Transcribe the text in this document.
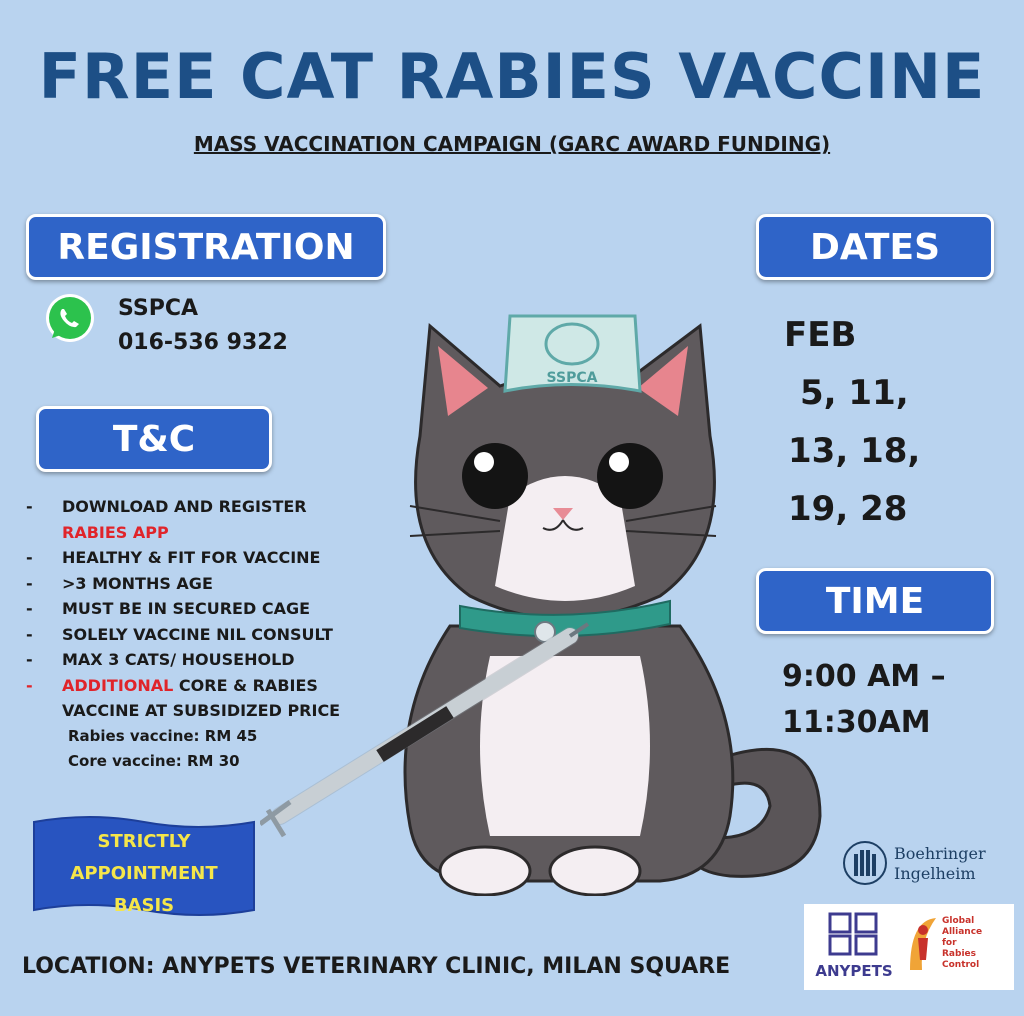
FREE CAT RABIES VACCINE
MASS VACCINATION CAMPAIGN (GARC AWARD FUNDING)
REGISTRATION
SSPCA
016-536 9322
T&C
- DOWNLOAD AND REGISTER
RABIES APP
- HEALTHY & FIT FOR VACCINE
- >3 MONTHS AGE
- MUST BE IN SECURED CAGE
- SOLELY VACCINE NIL CONSULT
- MAX 3 CATS/ HOUSEHOLD
- ADDITIONAL CORE & RABIES VACCINE AT SUBSIDIZED PRICE
Rabies vaccine: RM 45
Core vaccine: RM 30
STRICTLY
APPOINTMENT
BASIS
DATES
FEB
5, 11,
13, 18,
19, 28
TIME
9:00 AM –
11:30AM
SSPCA
LOCATION: ANYPETS VETERINARY CLINIC, MILAN SQUARE
Boehringer
Ingelheim
ANYPETS
Global
Alliance
for
Rabies
Control
